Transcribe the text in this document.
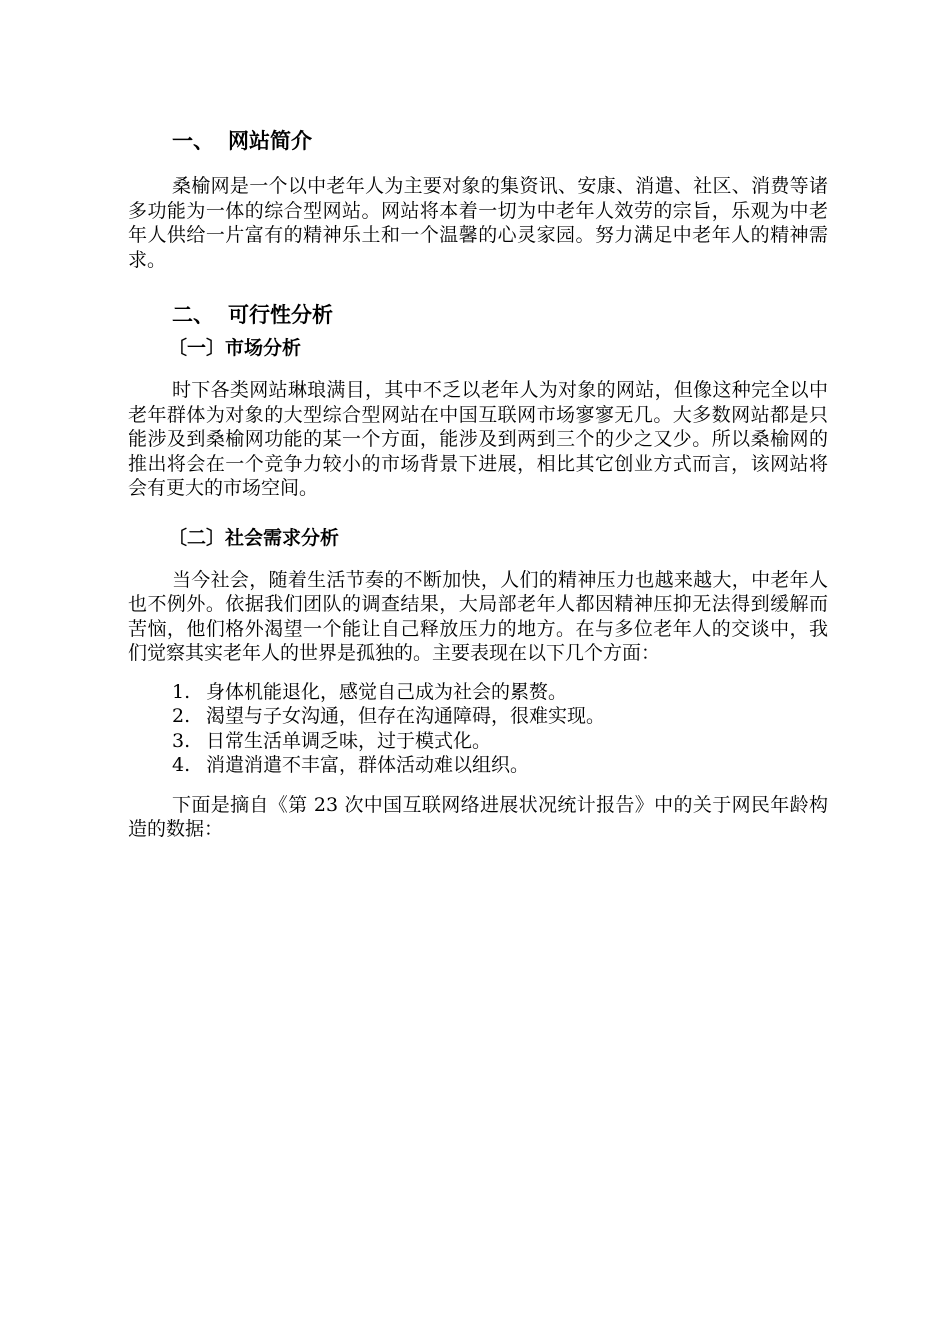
一、 网站简介

桑榆网是一个以中老年人为主要对象的集资讯、安康、消遣、社区、消费等诸多功能为一体的综合型网站。网站将本着一切为中老年人效劳的宗旨，乐观为中老年人供给一片富有的精神乐土和一个温馨的心灵家园。努力满足中老年人的精神需求。

二、 可行性分析
〔一〕市场分析

时下各类网站琳琅满目，其中不乏以老年人为对象的网站，但像这种完全以中老年群体为对象的大型综合型网站在中国互联网市场寥寥无几。大多数网站都是只能涉及到桑榆网功能的某一个方面，能涉及到两到三个的少之又少。所以桑榆网的推出将会在一个竞争力较小的市场背景下进展，相比其它创业方式而言，该网站将会有更大的市场空间。

〔二〕社会需求分析

当今社会，随着生活节奏的不断加快，人们的精神压力也越来越大，中老年人也不例外。依据我们团队的调查结果，大局部老年人都因精神压抑无法得到缓解而苦恼，他们格外渴望一个能让自己释放压力的地方。在与多位老年人的交谈中，我们觉察其实老年人的世界是孤独的。主要表现在以下几个方面：

1. 身体机能退化，感觉自己成为社会的累赘。
2. 渴望与子女沟通，但存在沟通障碍，很难实现。
3. 日常生活单调乏味，过于模式化。
4. 消遣消遣不丰富，群体活动难以组织。

下面是摘自《第 23 次中国互联网络进展状况统计报告》中的关于网民年龄构造的数据：
